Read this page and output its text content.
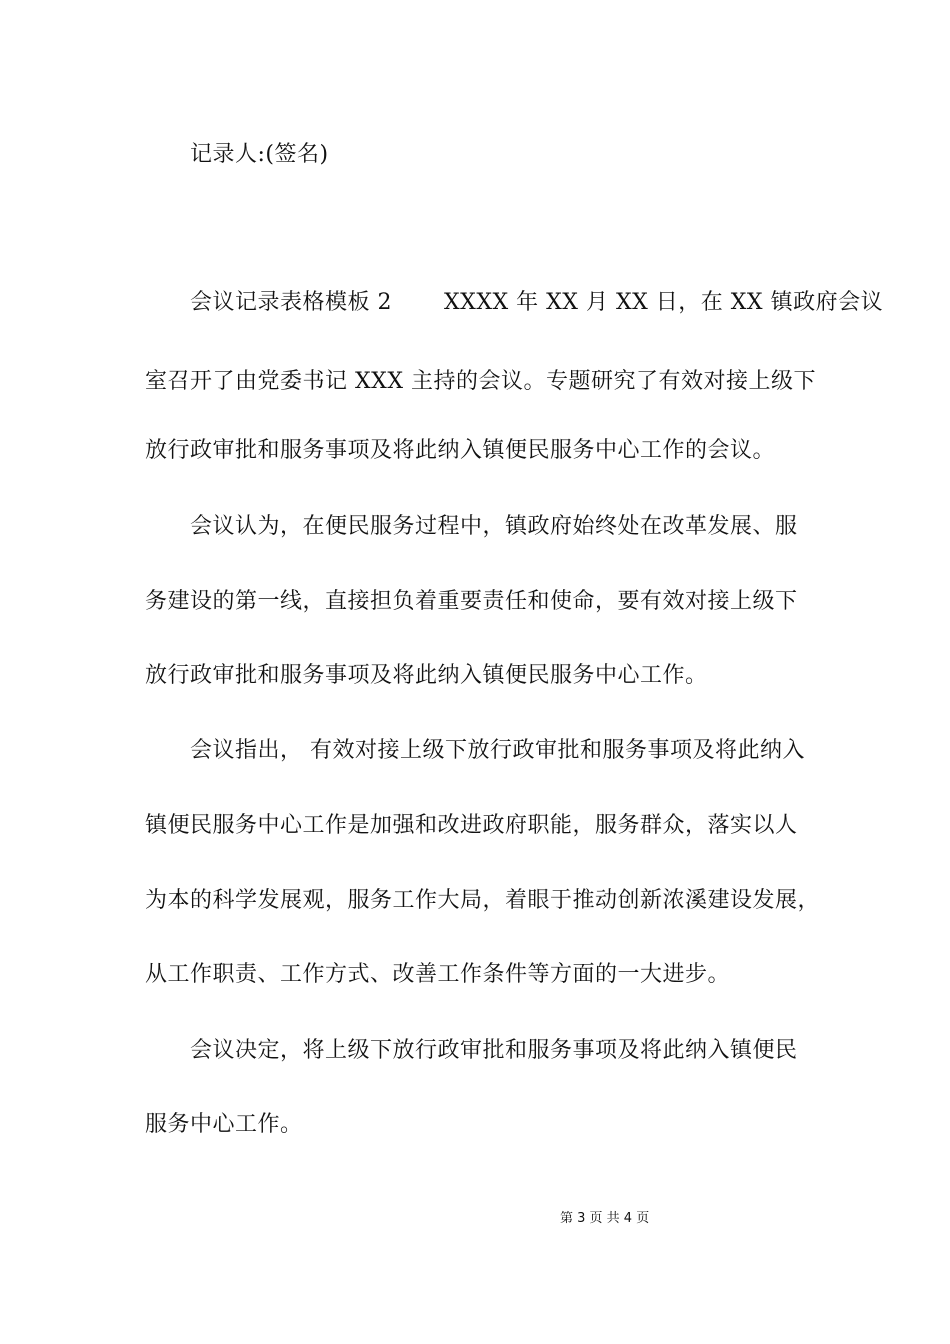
记录人:(签名)
会议记录表格模板 2 XXXX 年 XX 月 XX 日，在 XX 镇政府会议
室召开了由党委书记 XXX 主持的会议。专题研究了有效对接上级下
放行政审批和服务事项及将此纳入镇便民服务中心工作的会议。
会议认为，在便民服务过程中，镇政府始终处在改革发展、服
务建设的第一线，直接担负着重要责任和使命，要有效对接上级下
放行政审批和服务事项及将此纳入镇便民服务中心工作。
会议指出， 有效对接上级下放行政审批和服务事项及将此纳入
镇便民服务中心工作是加强和改进政府职能，服务群众，落实以人
为本的科学发展观，服务工作大局，着眼于推动创新浓溪建设发展，
从工作职责、工作方式、改善工作条件等方面的一大进步。
会议决定，将上级下放行政审批和服务事项及将此纳入镇便民
服务中心工作。
第 3 页 共 4 页
